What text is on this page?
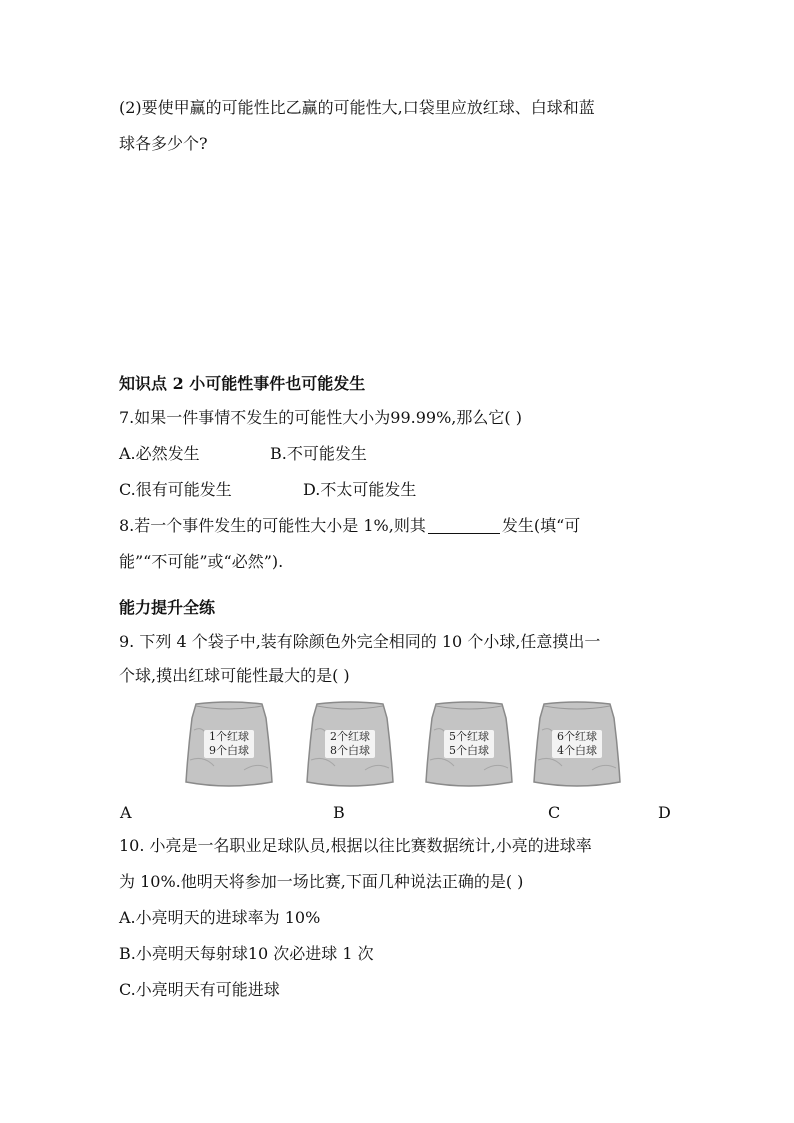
(2)要使甲赢的可能性比乙赢的可能性大,口袋里应放红球、白球和蓝
球各多少个?
知识点 2 小可能性事件也可能发生
7.如果一件事情不发生的可能性大小为99.99%,那么它( )
A.必然发生	B.不可能发生
C.很有可能发生	D.不太可能发生
8.若一个事件发生的可能性大小是 1%,则其	发生(填“可
能”“不可能”或“必然”).
能力提升全练
9. 下列 4 个袋子中,装有除颜色外完全相同的 10 个小球,任意摸出一
个球,摸出红球可能性最大的是( )
1个红球
9个白球
2个红球
8个白球
5个红球
5个白球
6个红球
4个白球
A	B	C	D
10. 小亮是一名职业足球队员,根据以往比赛数据统计,小亮的进球率
为 10%.他明天将参加一场比赛,下面几种说法正确的是( )
A.小亮明天的进球率为 10%
B.小亮明天每射球10 次必进球 1 次
C.小亮明天有可能进球
